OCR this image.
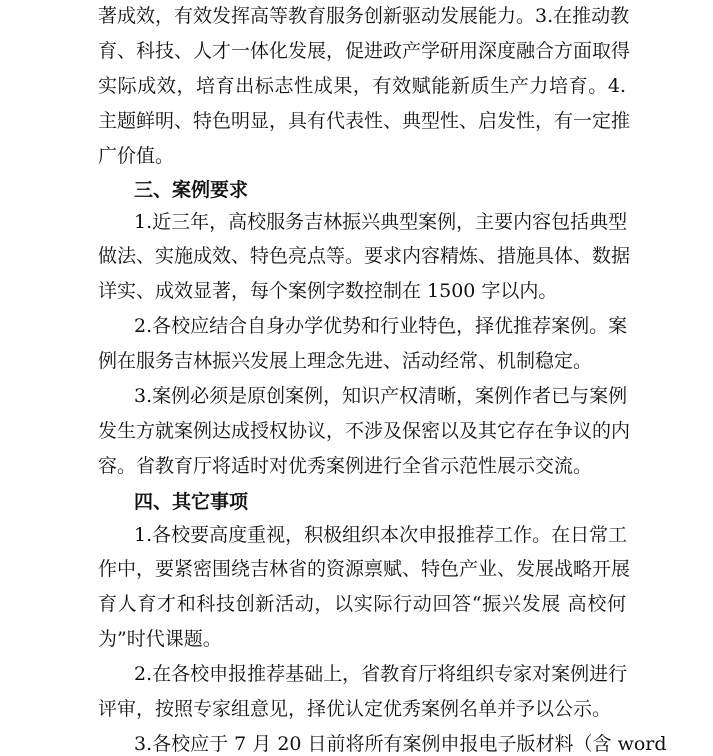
著成效，有效发挥高等教育服务创新驱动发展能力。3.在推动教
育、科技、人才一体化发展，促进政产学研用深度融合方面取得
实际成效，培育出标志性成果，有效赋能新质生产力培育。4.
主题鲜明、特色明显，具有代表性、典型性、启发性，有一定推
广价值。
三、案例要求
1.近三年，高校服务吉林振兴典型案例，主要内容包括典型
做法、实施成效、特色亮点等。要求内容精炼、措施具体、数据
详实、成效显著，每个案例字数控制在 1500 字以内。
2.各校应结合自身办学优势和行业特色，择优推荐案例。案
例在服务吉林振兴发展上理念先进、活动经常、机制稳定。
3.案例必须是原创案例，知识产权清晰，案例作者已与案例
发生方就案例达成授权协议，不涉及保密以及其它存在争议的内
容。省教育厅将适时对优秀案例进行全省示范性展示交流。
四、其它事项
1.各校要高度重视，积极组织本次申报推荐工作。在日常工
作中，要紧密围绕吉林省的资源禀赋、特色产业、发展战略开展
育人育才和科技创新活动，以实际行动回答“振兴发展 高校何
为”时代课题。
2.在各校申报推荐基础上，省教育厅将组织专家对案例进行
评审，按照专家组意见，择优认定优秀案例名单并予以公示。
3.各校应于 7 月 20 日前将所有案例申报电子版材料（含 word
